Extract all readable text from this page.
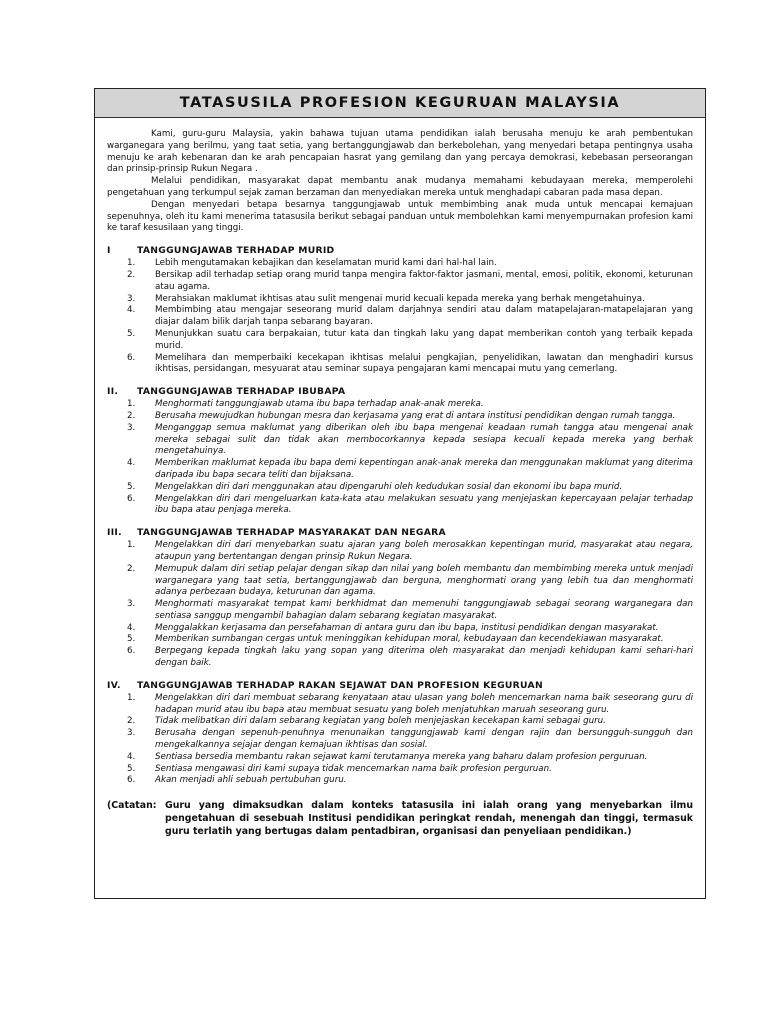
TATASUSILA PROFESION KEGURUAN MALAYSIA

Kami, guru-guru Malaysia, yakin bahawa tujuan utama pendidikan ialah berusaha menuju ke arah pembentukan warganegara yang berilmu, yang taat setia, yang bertanggungjawab dan berkebolehan, yang menyedari betapa pentingnya usaha menuju ke arah kebenaran dan ke arah pencapaian hasrat yang gemilang dan yang percaya demokrasi, kebebasan perseorangan dan prinsip-prinsip Rukun Negara .

Melalui pendidikan, masyarakat dapat membantu anak mudanya memahami kebudayaan mereka, memperolehi pengetahuan yang terkumpul sejak zaman berzaman dan menyediakan mereka untuk menghadapi cabaran pada masa depan.

Dengan menyedari betapa besarnya tanggungjawab untuk membimbing anak muda untuk mencapai kemajuan sepenuhnya, oleh itu kami menerima tatasusila berikut sebagai panduan untuk membolehkan kami menyempurnakan profesion kami ke taraf kesusilaan yang tinggi.

I	TANGGUNGJAWAB TERHADAP MURID
1.	Lebih mengutamakan kebajikan dan keselamatan murid kami dari hal-hal lain.
2.	Bersikap adil terhadap setiap orang murid tanpa mengira faktor-faktor jasmani, mental, emosi, politik, ekonomi, keturunan atau agama.
3.	Merahsiakan maklumat ikhtisas atau sulit mengenai murid kecuali kepada mereka yang berhak mengetahuinya.
4.	Membimbing atau mengajar seseorang murid dalam darjahnya sendiri atau dalam matapelajaran-matapelajaran yang diajar dalam bilik darjah tanpa sebarang bayaran.
5.	Menunjukkan suatu cara berpakaian, tutur kata dan tingkah laku yang dapat memberikan contoh yang terbaik kepada murid.
6.	Memelihara dan memperbaiki kecekapan ikhtisas melalui pengkajian, penyelidikan, lawatan dan menghadiri kursus ikhtisas, persidangan, mesyuarat atau seminar supaya pengajaran kami mencapai mutu yang cemerlang.
II.	TANGGUNGJAWAB TERHADAP IBUBAPA
1.	Menghormati tanggungjawab utama ibu bapa terhadap anak-anak mereka.
2.	Berusaha mewujudkan hubungan mesra dan kerjasama yang erat di antara institusi pendidikan dengan rumah tangga.
3.	Menganggap semua maklumat yang diberikan oleh ibu bapa mengenai keadaan rumah tangga atau mengenai anak mereka sebagai sulit dan tidak akan membocorkannya kepada sesiapa kecuali kepada mereka yang berhak mengetahuinya.
4.	Memberikan maklumat kepada ibu bapa demi kepentingan anak-anak mereka dan menggunakan maklumat yang diterima daripada ibu bapa secara teliti dan bijaksana.
5.	Mengelakkan diri dari menggunakan atau dipengaruhi oleh kedudukan sosial dan ekonomi ibu bapa murid.
6.	Mengelakkan diri dari mengeluarkan kata-kata atau melakukan sesuatu yang menjejaskan kepercayaan pelajar terhadap ibu bapa atau penjaga mereka.
III.	TANGGUNGJAWAB TERHADAP MASYARAKAT DAN NEGARA
1.	Mengelakkan diri dari menyebarkan suatu ajaran yang boleh merosakkan kepentingan murid, masyarakat atau negara, ataupun yang bertentangan dengan prinsip Rukun Negara.
2.	Memupuk dalam diri setiap pelajar dengan sikap dan nilai yang boleh membantu dan membimbing mereka untuk menjadi warganegara yang taat setia, bertanggungjawab dan berguna, menghormati orang yang lebih tua dan menghormati adanya perbezaan budaya, keturunan dan agama.
3.	Menghormati masyarakat tempat kami berkhidmat dan memenuhi tanggungjawab sebagai seorang warganegara dan sentiasa sanggup mengambil bahagian dalam sebarang kegiatan masyarakat.
4.	Menggalakkan kerjasama dan persefahaman di antara guru dan ibu bapa, institusi pendidikan dengan masyarakat.
5.	Memberikan sumbangan cergas untuk meninggikan kehidupan moral, kebudayaan dan kecendekiawan masyarakat.
6.	Berpegang kepada tingkah laku yang sopan yang diterima oleh masyarakat dan menjadi kehidupan kami sehari-hari dengan baik.
IV.	TANGGUNGJAWAB TERHADAP RAKAN SEJAWAT DAN PROFESION KEGURUAN
1.	Mengelakkan diri dari membuat sebarang kenyataan atau ulasan yang boleh mencemarkan nama baik seseorang guru di hadapan murid atau ibu bapa atau membuat sesuatu yang boleh menjatuhkan maruah seseorang guru.
2.	Tidak melibatkan diri dalam sebarang kegiatan yang boleh menjejaskan kecekapan kami sebagai guru.
3.	Berusaha dengan sepenuh-penuhnya menunaikan tanggungjawab kami dengan rajin dan bersungguh-sungguh dan mengekalkannya sejajar dengan kemajuan ikhtisas dan sosial.
4.	Sentiasa bersedia membantu rakan sejawat kami terutamanya mereka yang baharu dalam profesion perguruan.
5.	Sentiasa mengawasi diri kami supaya tidak mencemarkan nama baik profesion perguruan.
6.	Akan menjadi ahli sebuah pertubuhan guru.
(Catatan: Guru yang dimaksudkan dalam konteks tatasusila ini ialah orang yang menyebarkan ilmu pengetahuan di sesebuah Institusi pendidikan peringkat rendah, menengah dan tinggi, termasuk guru terlatih yang bertugas dalam pentadbiran, organisasi dan penyeliaan pendidikan.)
